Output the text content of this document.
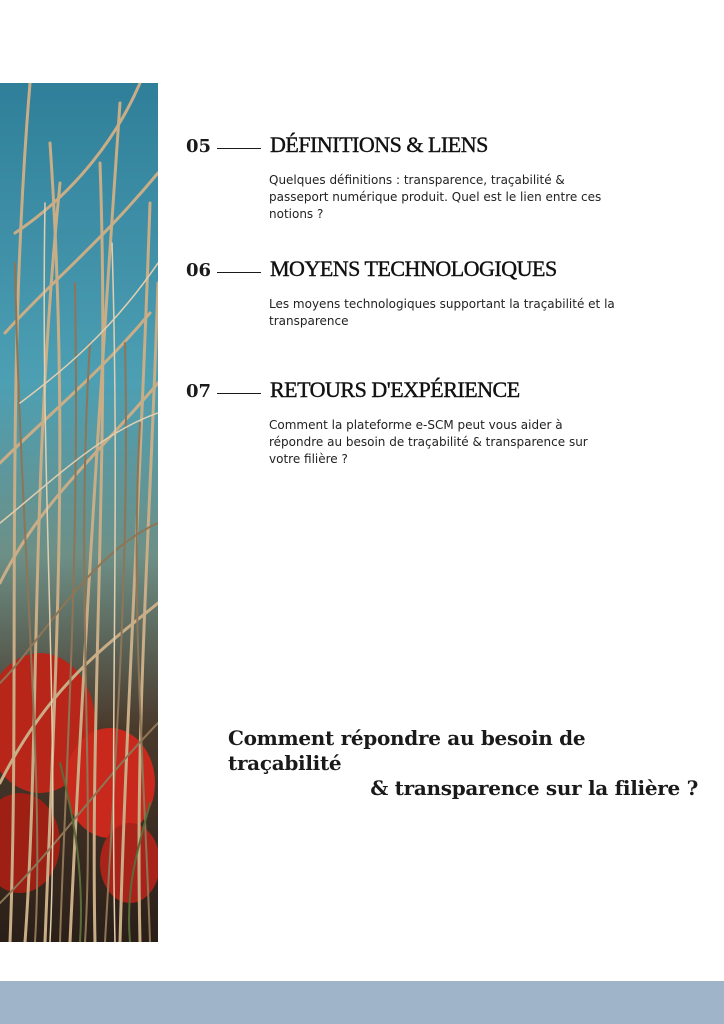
05	DÉFINITIONS & LIENS
Quelques définitions : transparence, traçabilité & passeport numérique produit. Quel est le lien entre ces notions ?
06	MOYENS TECHNOLOGIQUES
Les moyens technologiques supportant la traçabilité et la transparence
07	RETOURS D'EXPÉRIENCE
Comment la plateforme e-SCM peut vous aider à répondre au besoin de traçabilité & transparence sur votre filière ?
Comment répondre au besoin de traçabilité
& transparence sur la filière ?
